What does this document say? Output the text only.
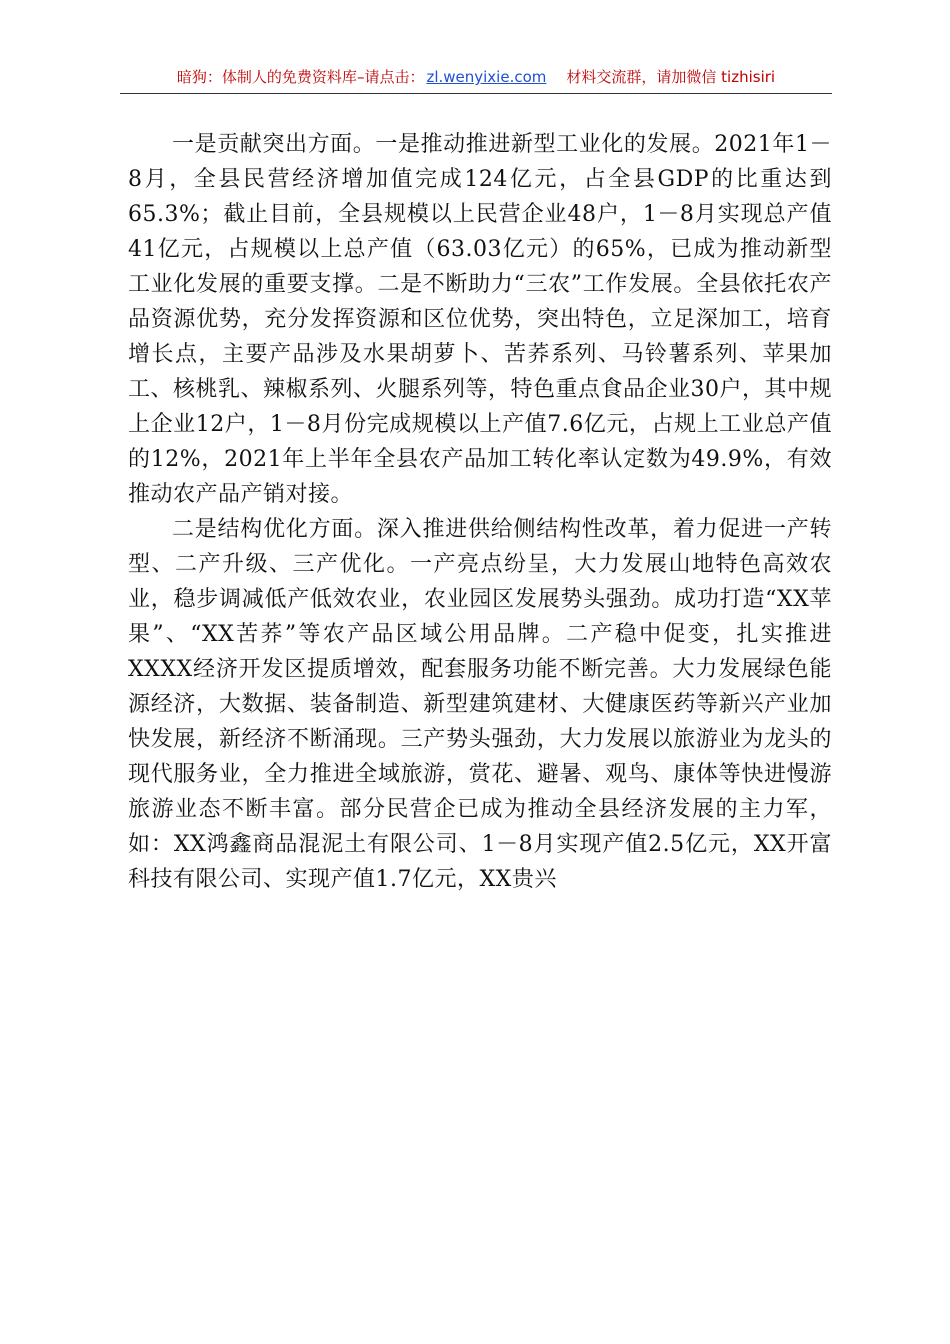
暗狗：体制人的免费资料库–请点击： zl.wenyixie.com 材料交流群，请加微信 tizhisiri

一是贡献突出方面。一是推动推进新型工业化的发展。2021年1－8月，全县民营经济增加值完成124亿元，占全县GDP的比重达到65.3%；截止目前，全县规模以上民营企业48户，1－8月实现总产值41亿元，占规模以上总产值（63.03亿元）的65%，已成为推动新型工业化发展的重要支撑。二是不断助力“三农”工作发展。全县依托农产品资源优势，充分发挥资源和区位优势，突出特色，立足深加工，培育增长点，主要产品涉及水果胡萝卜、苦荞系列、马铃薯系列、苹果加工、核桃乳、辣椒系列、火腿系列等，特色重点食品企业30户，其中规上企业12户，1－8月份完成规模以上产值7.6亿元，占规上工业总产值的12%，2021年上半年全县农产品加工转化率认定数为49.9%，有效推动农产品产销对接。

二是结构优化方面。深入推进供给侧结构性改革，着力促进一产转型、二产升级、三产优化。一产亮点纷呈，大力发展山地特色高效农业，稳步调减低产低效农业，农业园区发展势头强劲。成功打造“XX苹果”、“XX苦荞”等农产品区域公用品牌。二产稳中促变，扎实推进XXXX经济开发区提质增效，配套服务功能不断完善。大力发展绿色能源经济，大数据、装备制造、新型建筑建材、大健康医药等新兴产业加快发展，新经济不断涌现。三产势头强劲，大力发展以旅游业为龙头的现代服务业，全力推进全域旅游，赏花、避暑、观鸟、康体等快进慢游旅游业态不断丰富。部分民营企已成为推动全县经济发展的主力军，如：XX鸿鑫商品混泥土有限公司、1－8月实现产值2.5亿元，XX开富科技有限公司、实现产值1.7亿元，XX贵兴
